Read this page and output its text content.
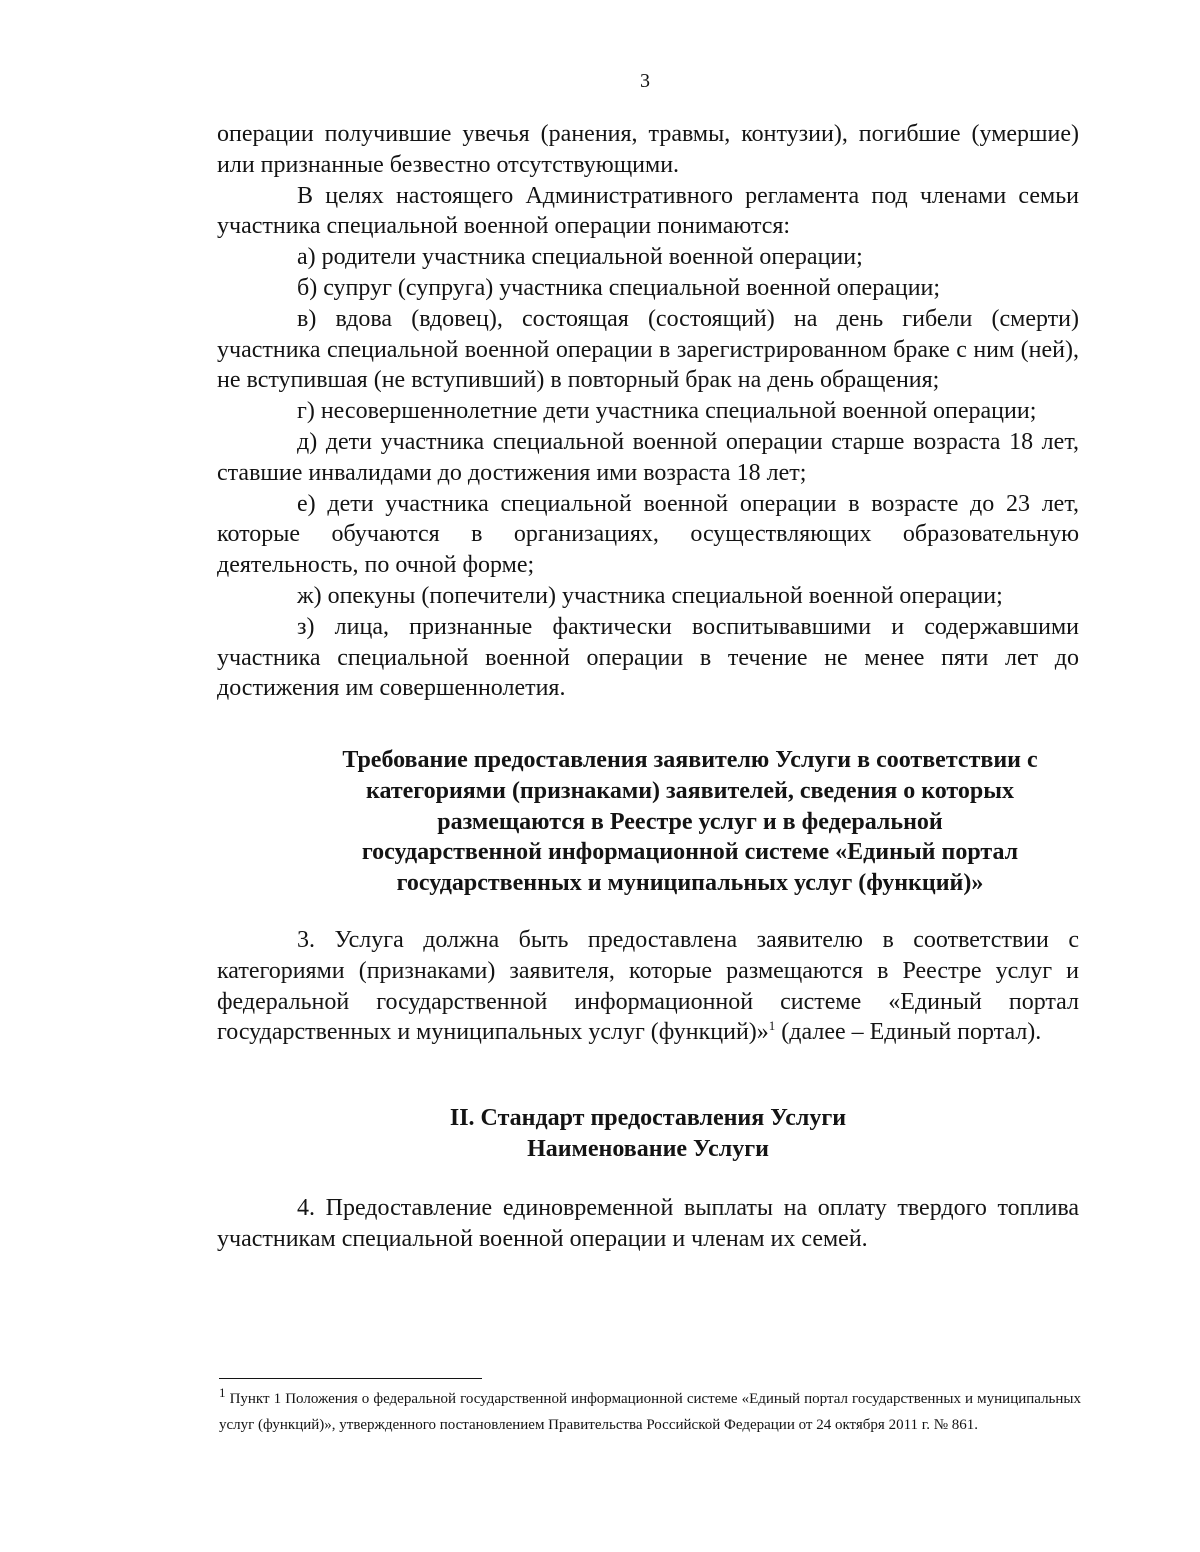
3

операции получившие увечья (ранения, травмы, контузии), погибшие (умершие) или признанные безвестно отсутствующими.

В целях настоящего Административного регламента под членами семьи участника специальной военной операции понимаются:

а) родители участника специальной военной операции;

б) супруг (супруга) участника специальной военной операции;

в) вдова (вдовец), состоящая (состоящий) на день гибели (смерти) участника специальной военной операции в зарегистрированном браке с ним (ней), не вступившая (не вступивший) в повторный брак на день обращения;

г) несовершеннолетние дети участника специальной военной операции;

д) дети участника специальной военной операции старше возраста 18 лет, ставшие инвалидами до достижения ими возраста 18 лет;

е) дети участника специальной военной операции в возрасте до 23 лет, которые обучаются в организациях, осуществляющих образовательную деятельность, по очной форме;

ж) опекуны (попечители) участника специальной военной операции;

з) лица, признанные фактически воспитывавшими и содержавшими участника специальной военной операции в течение не менее пяти лет до достижения им совершеннолетия.

Требование предоставления заявителю Услуги в соответствии с
категориями (признаками) заявителей, сведения о которых
размещаются в Реестре услуг и в федеральной
государственной информационной системе «Единый портал
государственных и муниципальных услуг (функций)»

3. Услуга должна быть предоставлена заявителю в соответствии с категориями (признаками) заявителя, которые размещаются в Реестре услуг и федеральной государственной информационной системе «Единый портал государственных и муниципальных услуг (функций)»$^1$ (далее – Единый портал).

II. Стандарт предоставления Услуги
Наименование Услуги

4. Предоставление единовременной выплаты на оплату твердого топлива участникам специальной военной операции и членам их семей.

$^1$ Пункт 1 Положения о федеральной государственной информационной системе «Единый портал государственных и муниципальных услуг (функций)», утвержденного постановлением Правительства Российской Федерации от 24 октября 2011 г. № 861.
